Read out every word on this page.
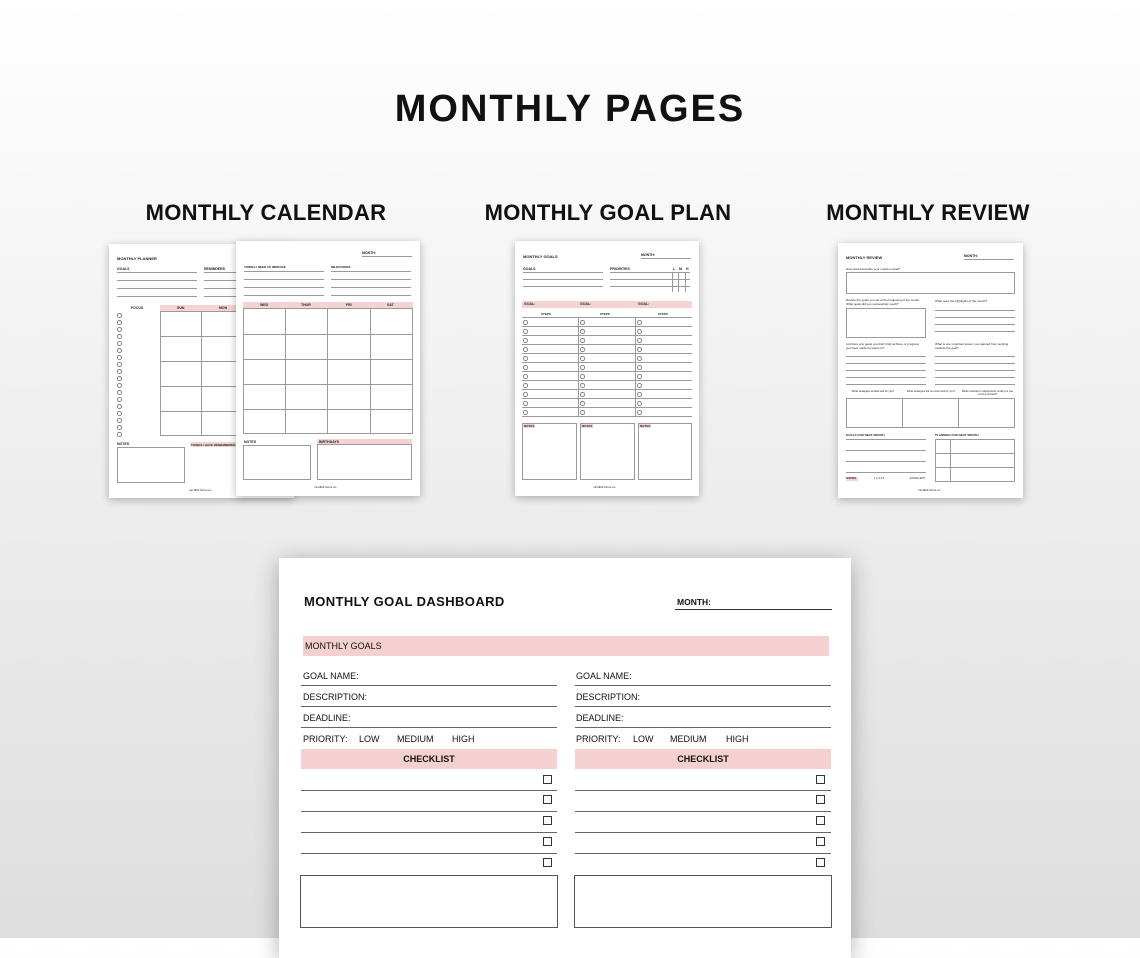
MONTHLY PAGES
MONTHLY CALENDAR	MONTHLY GOAL PLAN	MONTHLY REVIEW
MONTHLY PLANNER
GOALS	REMINDERS
FOCUS	SUN	MON
NOTES	THINGS I HAVE REMEMBERED
mindfull focus co.
MONTH:
THINGS I NEED TO IMPROVE	MILESTONES
WED	THUR	FRI	SAT
NOTES	BIRTHDAYS
mindfull focus co.
MONTHLY GOALS	MONTH:
GOALS	PRIORITIES	L M H
GOAL:	GOAL:	GOAL:
STEPS	STEPS	STEPS
NOTES	NOTES	NOTES
mindfull focus co.
MONTHLY REVIEW	MONTH:
How would describe your month overall?
Review the goals you set at the beginning of the month. What goals did you successfully reach?
What were the highlights of the month?
List there any goals you didn't fully achieve or progress you have made the least on?
What is one important lesson you learned from working towards the goal?
What strategies worked well for you?	What strategies did not work well for you?	What methods or adjustments could you use moving forward?
GOALS FOR NEXT MONTH	PLANNING FOR NEXT MONTH
RATING	1 2 3 4 5	EXCELLENT
mindfull focus co.
MONTHLY GOAL DASHBOARD	MONTH:
MONTHLY GOALS
GOAL NAME:
DESCRIPTION:
DEADLINE:
PRIORITY: LOW MEDIUM HIGH
CHECKLIST
GOAL NAME:
DESCRIPTION:
DEADLINE:
PRIORITY: LOW MEDIUM HIGH
CHECKLIST
